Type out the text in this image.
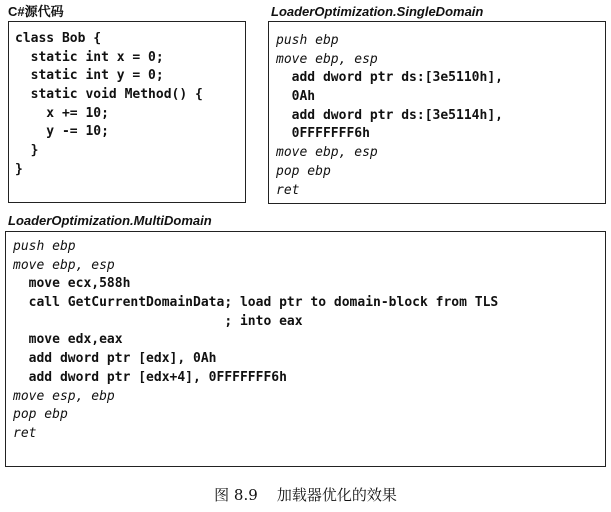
C#源代码
class Bob {
static int x = 0;
static int y = 0;
static void Method() {
x += 10;
y -= 10;
}
}
LoaderOptimization.SingleDomain
push ebp
move ebp, esp
add dword ptr ds:[3e5110h],
0Ah
add dword ptr ds:[3e5114h],
0FFFFFFF6h
move ebp, esp
pop ebp
ret
LoaderOptimization.MultiDomain
push ebp
move ebp, esp
move ecx,588h
call GetCurrentDomainData; load ptr to domain-block from TLS
; into eax
move edx,eax
add dword ptr [edx], 0Ah
add dword ptr [edx+4], 0FFFFFFF6h
move esp, ebp
pop ebp
ret
图 8.9    加载器优化的效果
